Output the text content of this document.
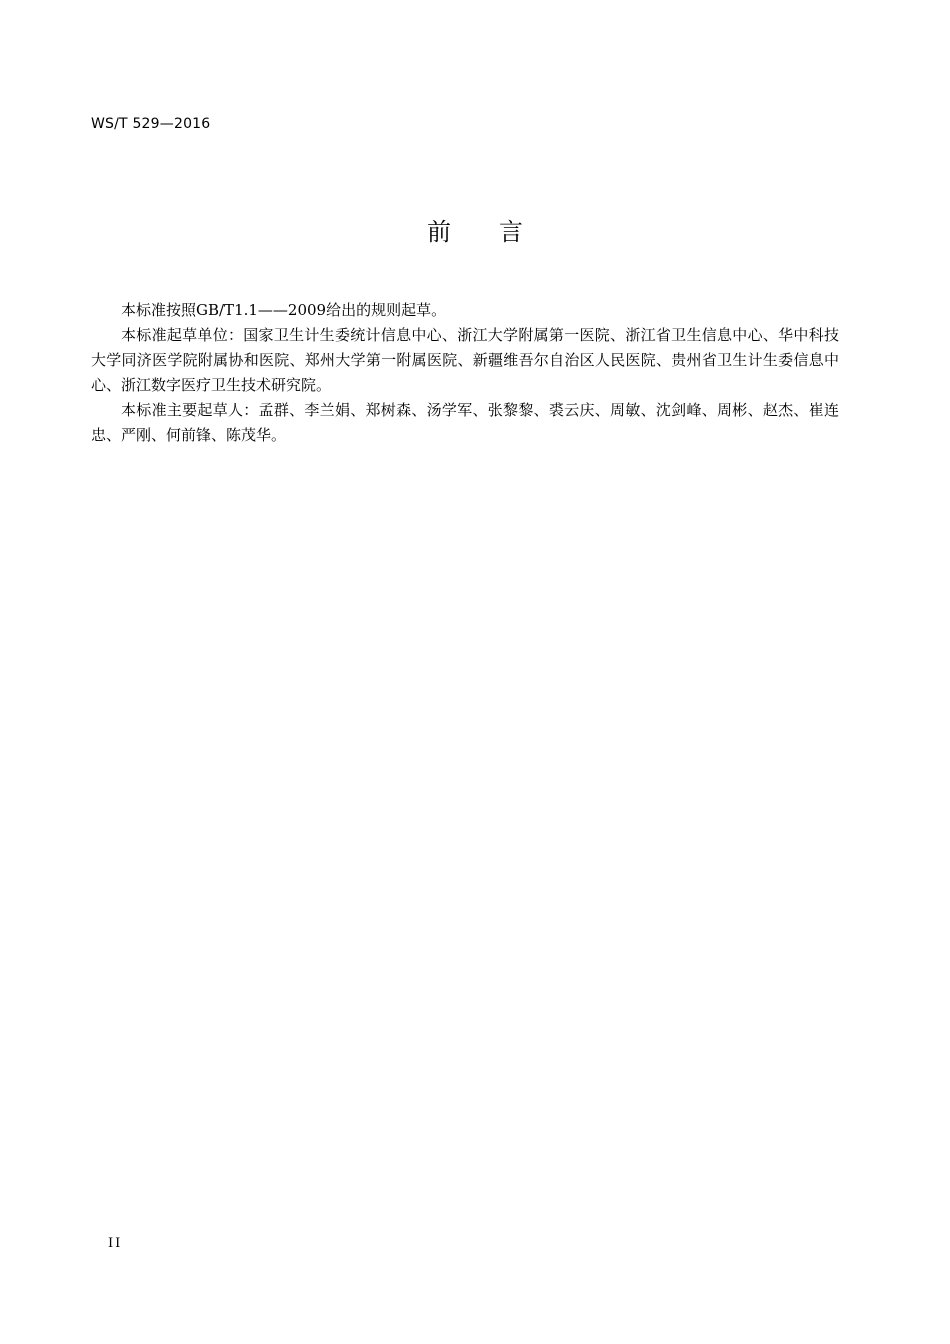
WS/T 529—2016
前 言

本标准按照GB/T1.1——2009给出的规则起草。

本标准起草单位：国家卫生计生委统计信息中心、浙江大学附属第一医院、浙江省卫生信息中心、华中科技大学同济医学院附属协和医院、郑州大学第一附属医院、新疆维吾尔自治区人民医院、贵州省卫生计生委信息中心、浙江数字医疗卫生技术研究院。

本标准主要起草人：孟群、李兰娟、郑树森、汤学军、张黎黎、裘云庆、周敏、沈剑峰、周彬、赵杰、崔连忠、严刚、何前锋、陈茂华。

II
